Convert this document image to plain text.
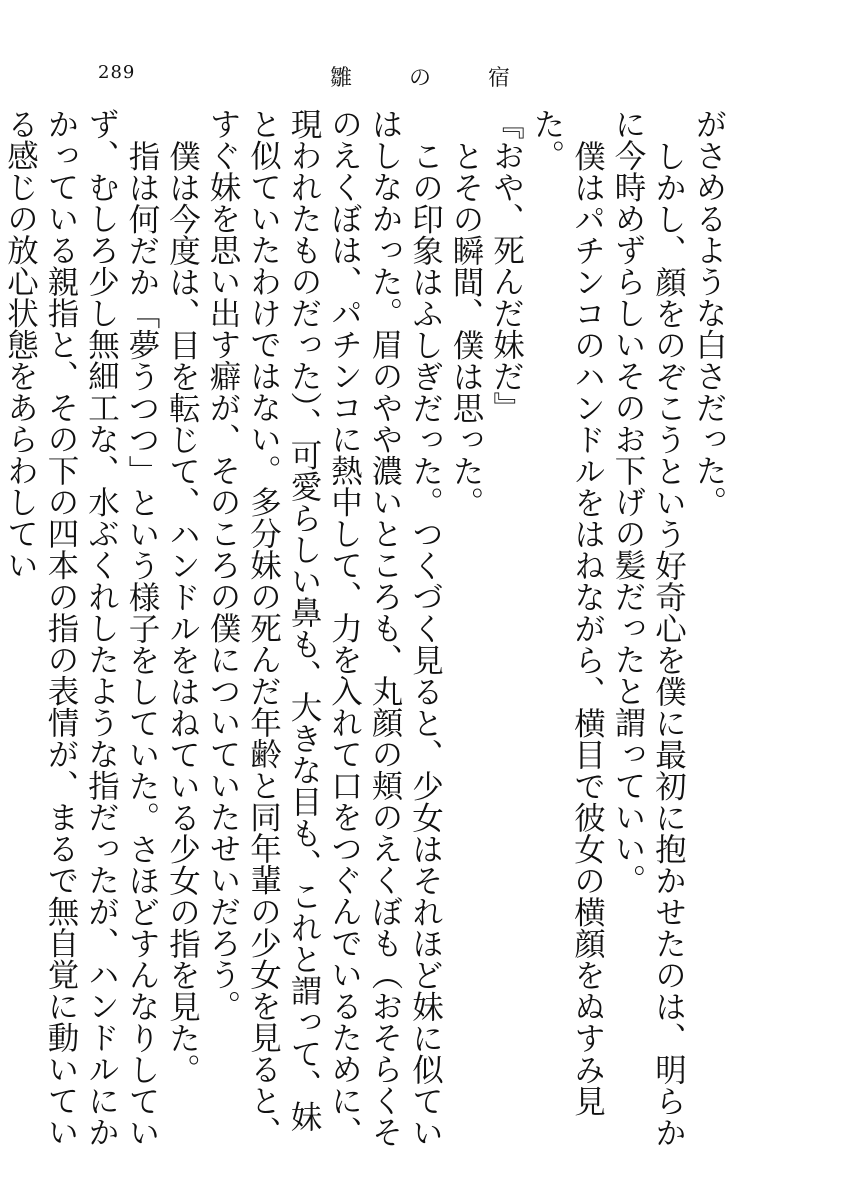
289	雛	の	宿

がさめるような白さだった。

しかし、顔をのぞこうという好奇心を僕に最初に抱かせたのは、明らかに今時めずらしいそのお下げの髪だったと謂っていい。

僕はパチンコのハンドルをはねながら、横目で彼女の横顔をぬすみ見た。

『おや、死んだ妹だ』

とその瞬間、僕は思った。

この印象はふしぎだった。つくづく見ると、少女はそれほど妹に似ていはしなかった。眉のやや濃いところも、丸顔の頬のえくぼも（おそらくそのえくぼは、パチンコに熱中して、力を入れて口をつぐんでいるために、現われたものだった）、可愛らしい鼻も、大きな目も、これと謂って、妹と似ていたわけではない。多分妹の死んだ年齢と同年輩の少女を見ると、すぐ妹を思い出す癖が、そのころの僕についていたせいだろう。

僕は今度は、目を転じて、ハンドルをはねている少女の指を見た。

指は何だか「夢うつつ」という様子をしていた。さほどすんなりしていず、むしろ少し無細工な、水ぶくれしたような指だったが、ハンドルにかかっている親指と、その下の四本の指の表情が、まるで無自覚に動いている感じの放心状態をあらわしてい
